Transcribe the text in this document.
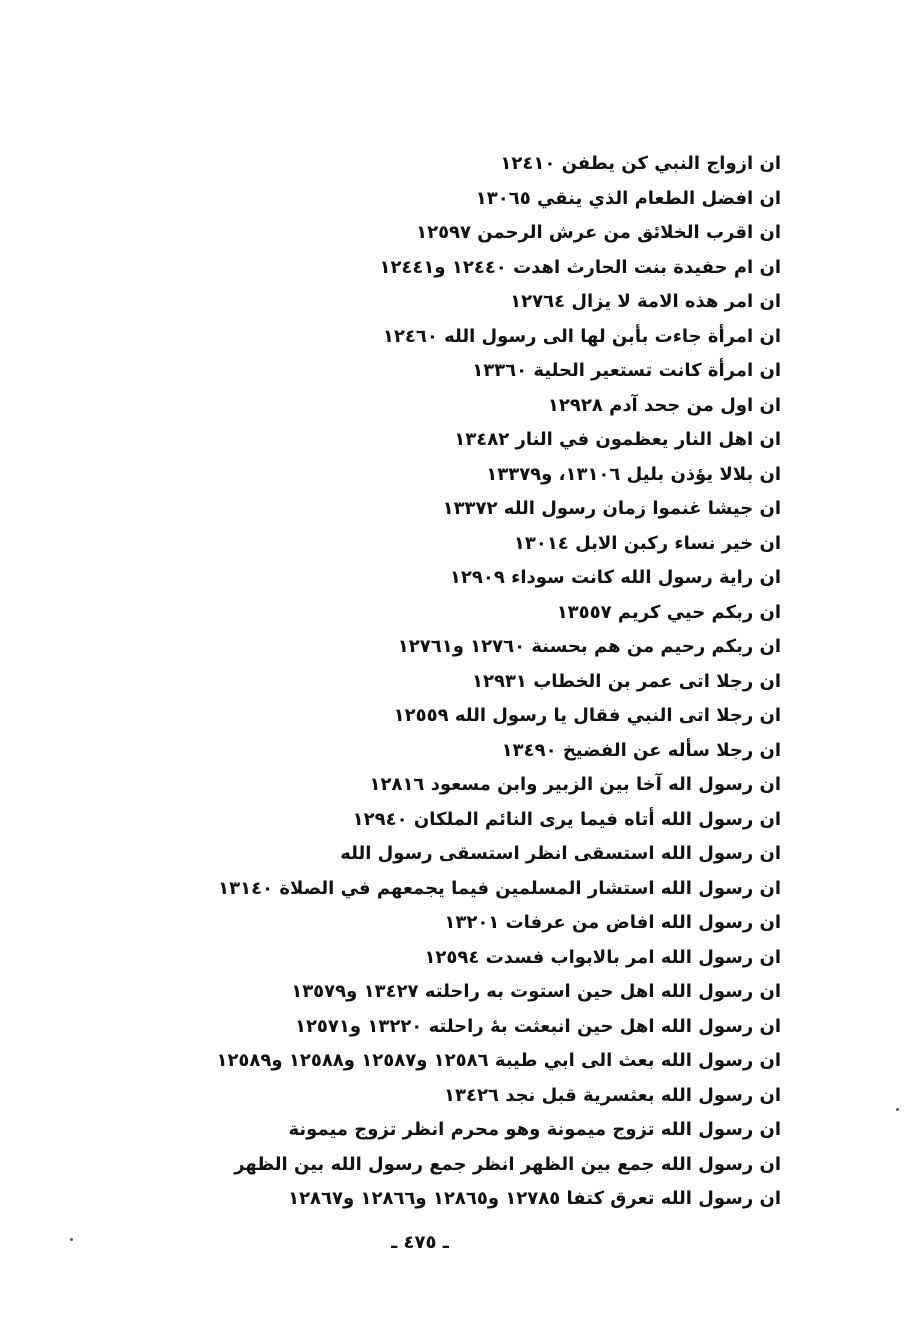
ان ازواج النبي كن يطفن ١٢٤١٠
ان افضل الطعام الذي ينقي ١٣٠٦٥
ان اقرب الخلائق من عرش الرحمن ١٢٥٩٧
ان ام حفيدة بنت الحارث اهدت ١٢٤٤٠ و١٢٤٤١
ان امر هذه الامة لا يزال ١٢٧٦٤
ان امرأة جاءت بأبن لها الى رسول الله ١٢٤٦٠
ان امرأة كانت تستعير الحلية ١٣٣٦٠
ان اول من جحد آدم ١٢٩٢٨
ان اهل النار يعظمون في النار ١٣٤٨٢
ان بلالا يؤذن بليل ١٣١٠٦، و١٣٣٧٩
ان جيشا غنموا زمان رسول الله ١٣٣٧٢
ان خير نساء ركبن الابل ١٣٠١٤
ان راية رسول الله كانت سوداء ١٢٩٠٩
ان ربكم حيي كريم ١٣٥٥٧
ان ربكم رحيم من هم بحسنة ١٢٧٦٠ و١٢٧٦١
ان رجلا اتى عمر بن الخطاب ١٢٩٣١
ان رجلا اتى النبي فقال يا رسول الله ١٢٥٥٩
ان رجلا سأله عن الفضيخ ١٣٤٩٠
ان رسول اله آخا بين الزبير وابن مسعود ١٢٨١٦
ان رسول الله أتاه فيما يرى النائم الملكان ١٢٩٤٠
ان رسول الله استسقى انظر استسقى رسول الله
ان رسول الله استشار المسلمين فيما يجمعهم في الصلاة ١٣١٤٠
ان رسول الله افاض من عرفات ١٣٢٠١
ان رسول الله امر بالابواب فسدت ١٢٥٩٤
ان رسول الله اهل حين استوت به راحلته ١٣٤٢٧ و١٣٥٧٩
ان رسول الله اهل حين انبعثت بهٔ راحلته ١٣٢٢٠ و١٢٥٧١
ان رسول الله بعث الى ابي طيبة ١٢٥٨٦ و١٢٥٨٧ و١٢٥٨٨ و١٢٥٨٩
ان رسول الله بعثسرية قبل نجد ١٣٤٢٦
ان رسول الله تزوج ميمونة وهو محرم انظر تزوج ميمونة
ان رسول الله جمع بين الظهر انظر جمع رسول الله بين الظهر
ان رسول الله تعرق كتفا ١٢٧٨٥ و١٢٨٦٥ و١٢٨٦٦ و١٢٨٦٧
ـ ٤٧٥ ـ
